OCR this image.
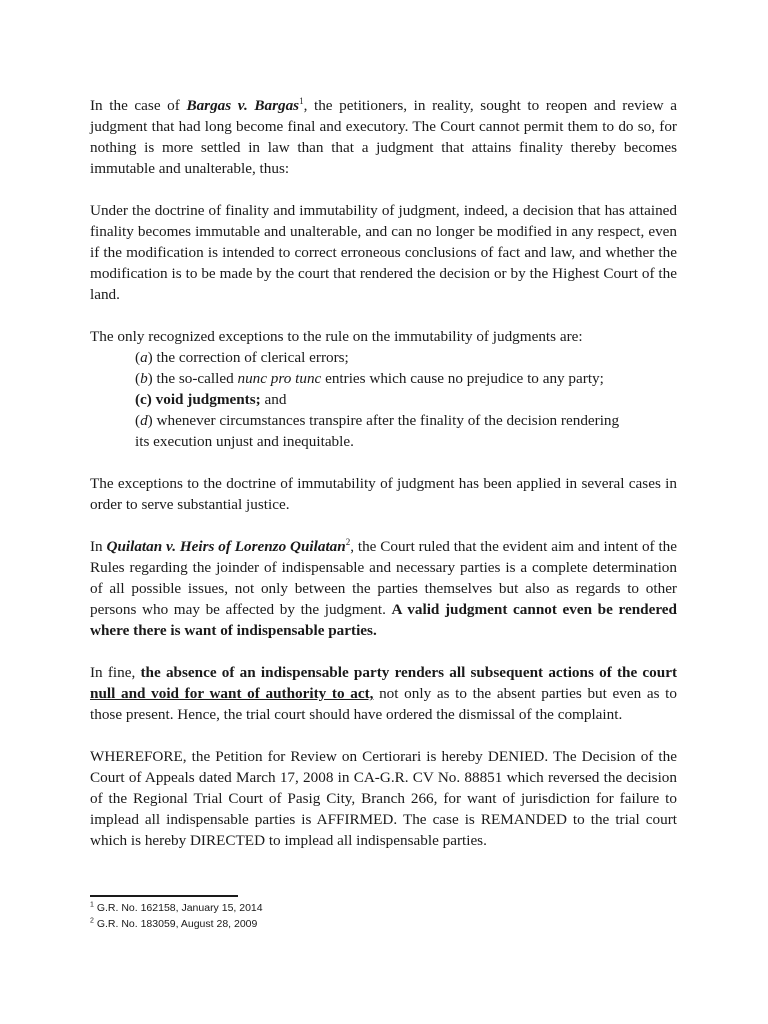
In the case of Bargas v. Bargas$^1$, the petitioners, in reality, sought to reopen and review a judgment that had long become final and executory. The Court cannot permit them to do so, for nothing is more settled in law than that a judgment that attains finality thereby becomes immutable and unalterable, thus:

Under the doctrine of finality and immutability of judgment, indeed, a decision that has attained finality becomes immutable and unalterable, and can no longer be modified in any respect, even if the modification is intended to correct erroneous conclusions of fact and law, and whether the modification is to be made by the court that rendered the decision or by the Highest Court of the land.

The only recognized exceptions to the rule on the immutability of judgments are:
(a) the correction of clerical errors;
(b) the so-called nunc pro tunc entries which cause no prejudice to any party;
(c) void judgments; and
(d) whenever circumstances transpire after the finality of the decision rendering
its execution unjust and inequitable.

The exceptions to the doctrine of immutability of judgment has been applied in several cases in order to serve substantial justice.

In Quilatan v. Heirs of Lorenzo Quilatan$^2$, the Court ruled that the evident aim and intent of the Rules regarding the joinder of indispensable and necessary parties is a complete determination of all possible issues, not only between the parties themselves but also as regards to other persons who may be affected by the judgment. A valid judgment cannot even be rendered where there is want of indispensable parties.

In fine, the absence of an indispensable party renders all subsequent actions of the court null and void for want of authority to act, not only as to the absent parties but even as to those present. Hence, the trial court should have ordered the dismissal of the complaint.

WHEREFORE, the Petition for Review on Certiorari is hereby DENIED. The Decision of the Court of Appeals dated March 17, 2008 in CA-G.R. CV No. 88851 which reversed the decision of the Regional Trial Court of Pasig City, Branch 266, for want of jurisdiction for failure to implead all indispensable parties is AFFIRMED. The case is REMANDED to the trial court which is hereby DIRECTED to implead all indispensable parties.

$^1$ G.R. No. 162158, January 15, 2014
$^2$ G.R. No. 183059, August 28, 2009
